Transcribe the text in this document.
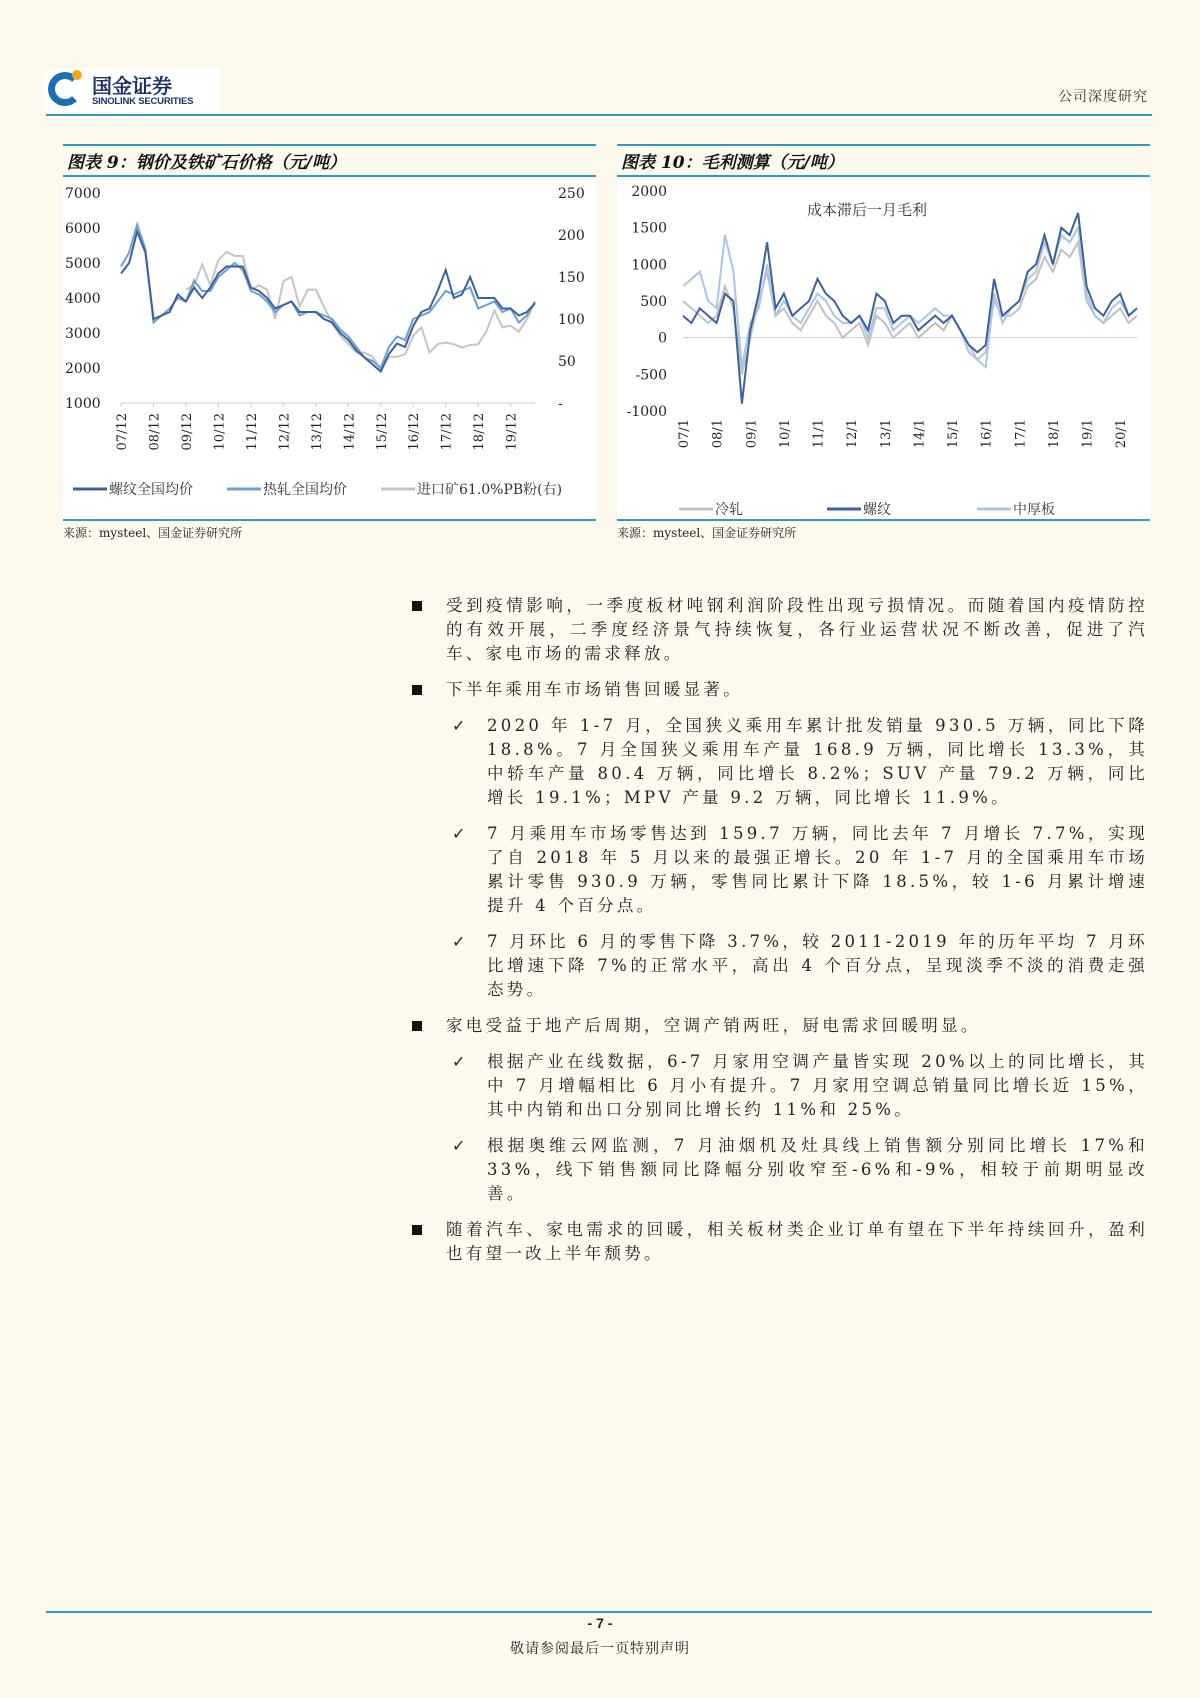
国金证券
SINOLINK SECURITIES	公司深度研究
图表 9：钢价及铁矿石价格（元/吨）
7000
6000
5000
4000
3000
2000
1000
250
200
150
100
50
-
07/12 08/12 09/12 10/12 11/12 12/12 13/12 14/12 15/12 16/12 17/12 18/12 19/12
螺纹全国均价	热轧全国均价	进口矿61.0%PB粉(右)
来源：mysteel、国金证券研究所
图表 10：毛利测算（元/吨）
2000
1500
1000
500
0
-500
-1000
成本滞后一月毛利
07/1 08/1 09/1 10/1 11/1 12/1 13/1 14/1 15/1 16/1 17/1 18/1 19/1 20/1
冷轧	螺纹	中厚板
来源：mysteel、国金证券研究所
受到疫情影响，一季度板材吨钢利润阶段性出现亏损情况。而随着国内疫情防控的有效开展，二季度经济景气持续恢复，各行业运营状况不断改善，促进了汽车、家电市场的需求释放。
下半年乘用车市场销售回暖显著。
✓ 2020 年 1-7 月，全国狭义乘用车累计批发销量 930.5 万辆，同比下降 18.8%。7 月全国狭义乘用车产量 168.9 万辆，同比增长 13.3%，其中轿车产量 80.4 万辆，同比增长 8.2%；SUV 产量 79.2 万辆，同比增长 19.1%；MPV 产量 9.2 万辆，同比增长 11.9%。
✓ 7 月乘用车市场零售达到 159.7 万辆，同比去年 7 月增长 7.7%，实现了自 2018 年 5 月以来的最强正增长。20 年 1-7 月的全国乘用车市场累计零售 930.9 万辆，零售同比累计下降 18.5%，较 1-6 月累计增速提升 4 个百分点。
✓ 7 月环比 6 月的零售下降 3.7%，较 2011-2019 年的历年平均 7 月环比增速下降 7%的正常水平，高出 4 个百分点，呈现淡季不淡的消费走强态势。
家电受益于地产后周期，空调产销两旺，厨电需求回暖明显。
✓ 根据产业在线数据，6-7 月家用空调产量皆实现 20%以上的同比增长，其中 7 月增幅相比 6 月小有提升。7 月家用空调总销量同比增长近 15%，其中内销和出口分别同比增长约 11%和 25%。
✓ 根据奥维云网监测，7 月油烟机及灶具线上销售额分别同比增长 17%和 33%，线下销售额同比降幅分别收窄至-6%和-9%，相较于前期明显改善。
随着汽车、家电需求的回暖，相关板材类企业订单有望在下半年持续回升，盈利也有望一改上半年颓势。
- 7 -
敬请参阅最后一页特别声明
